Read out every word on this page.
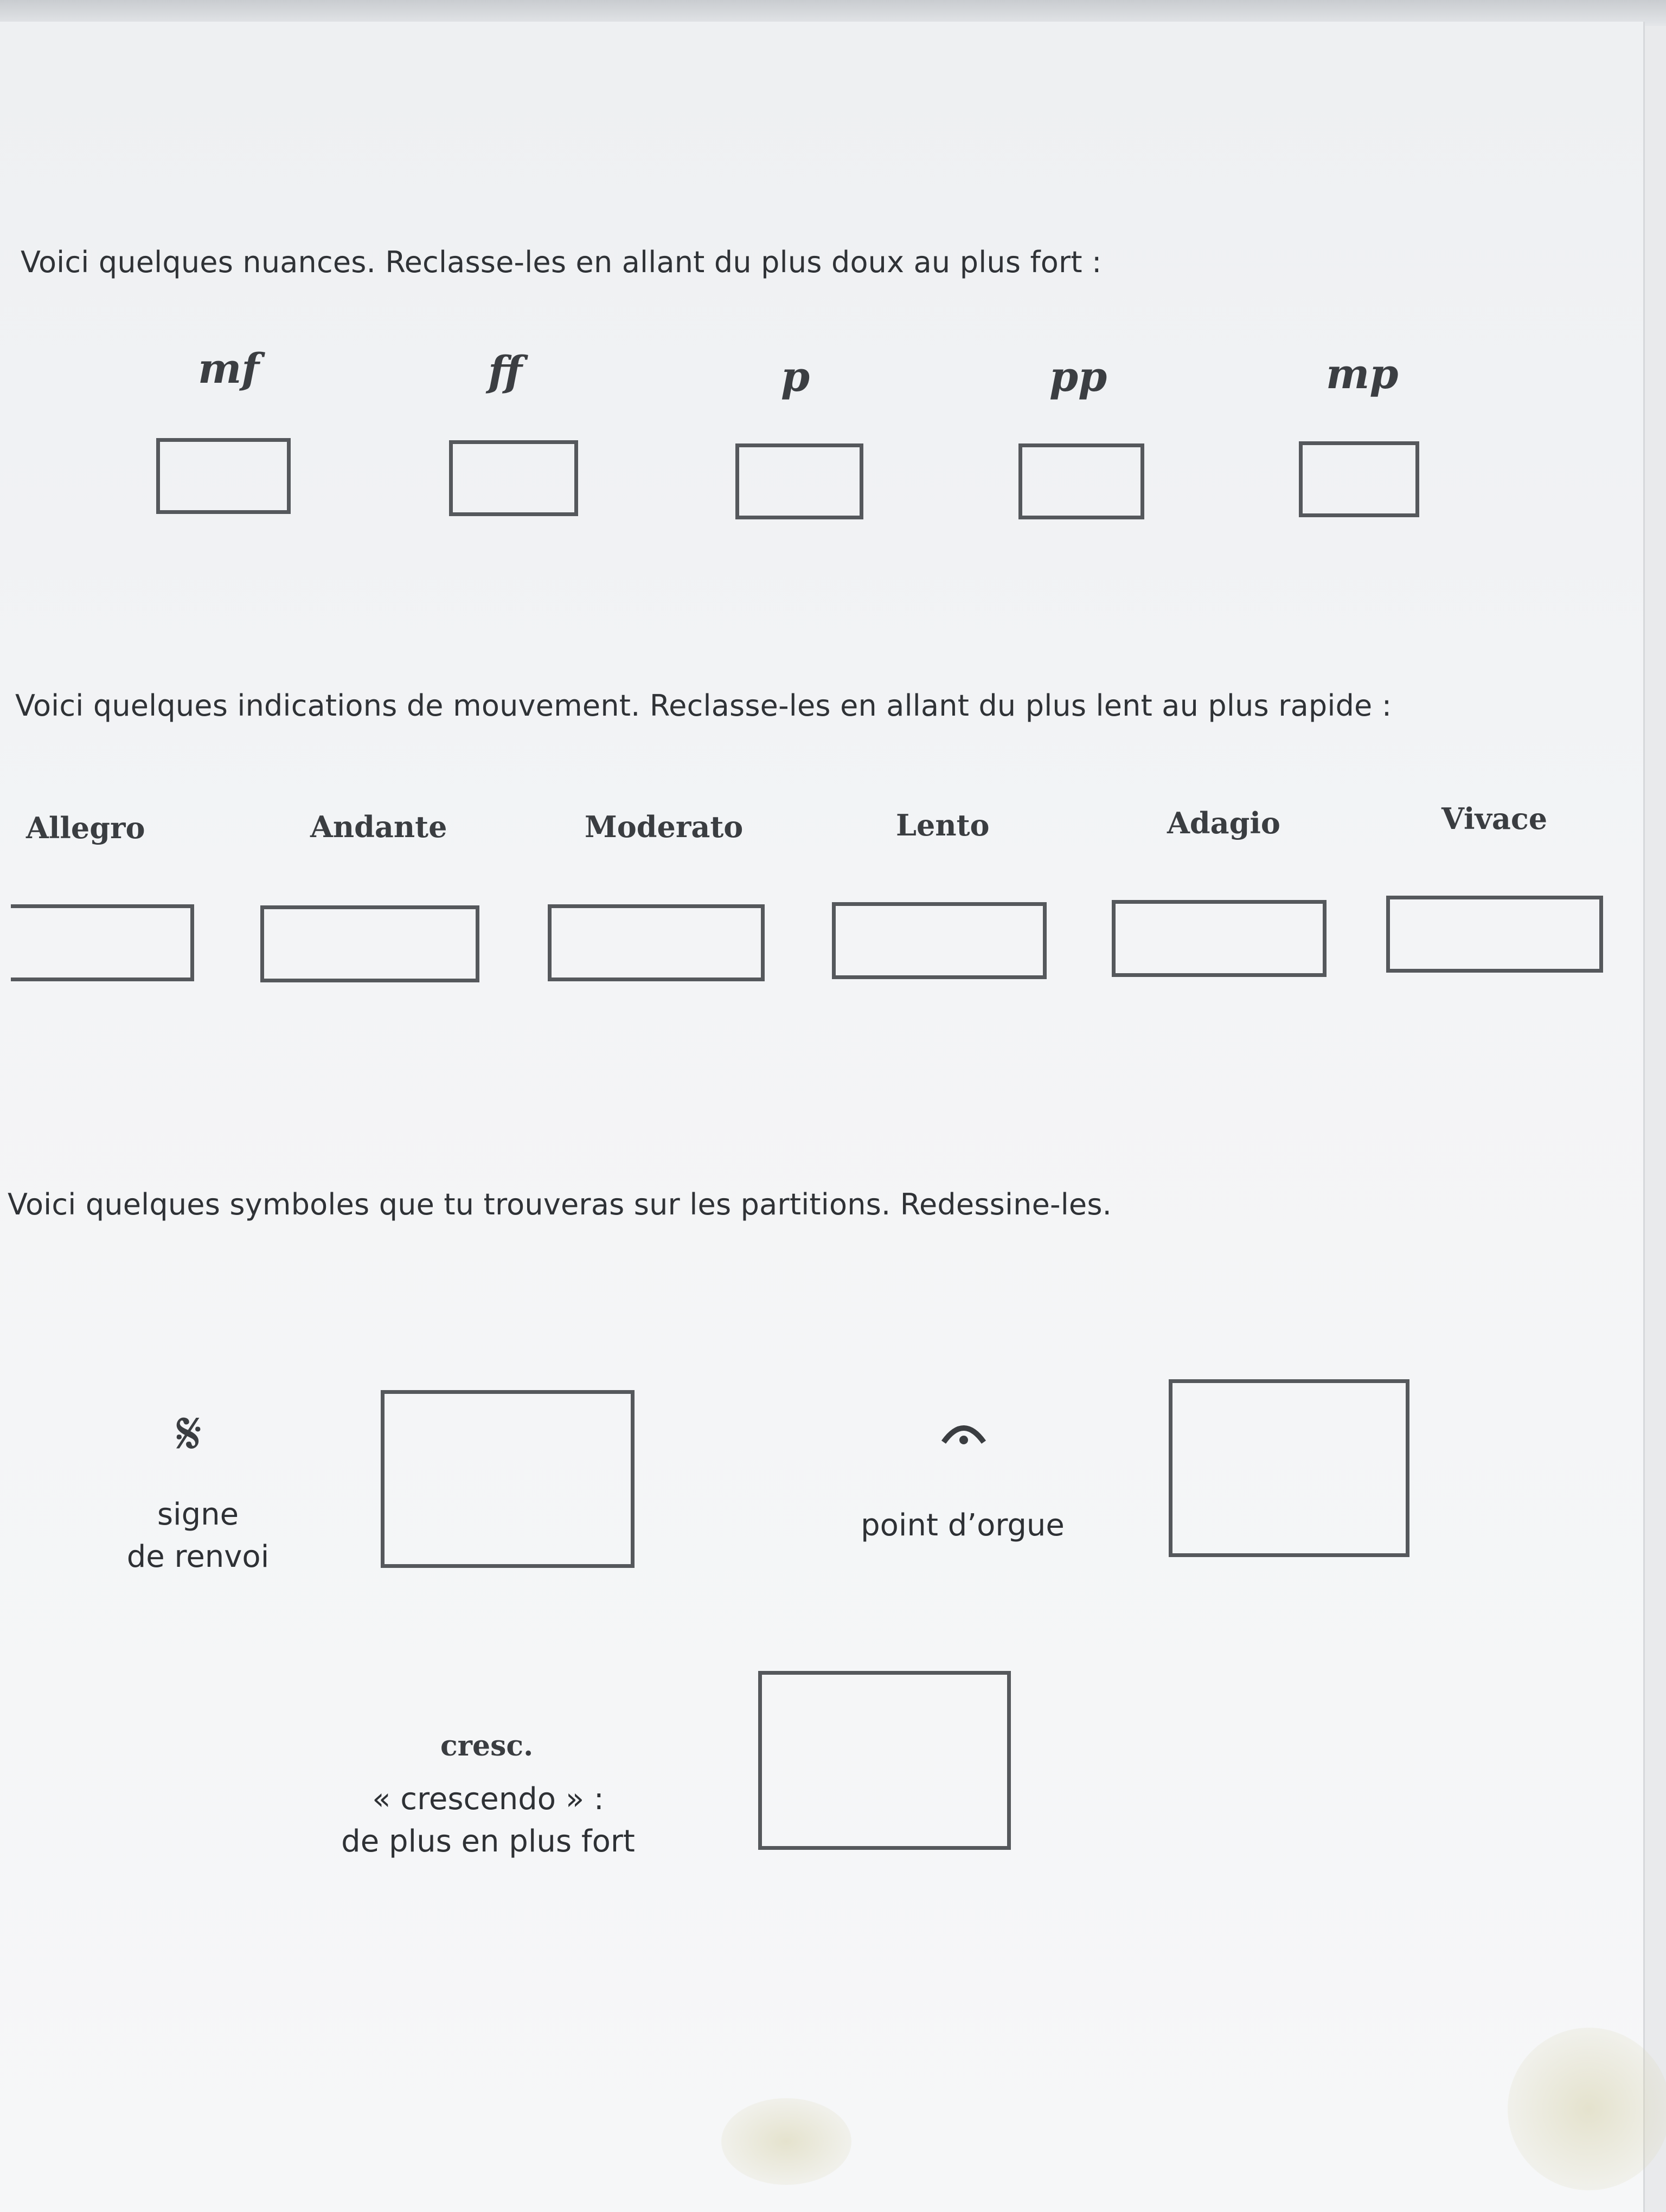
Voici quelques nuances. Reclasse-les en allant du plus doux au plus fort :
mf	ff	p	pp	mp
Voici quelques indications de mouvement. Reclasse-les en allant du plus lent au plus rapide :
Allegro	Andante	Moderato	Lento	Adagio	Vivace
Voici quelques symboles que tu trouveras sur les partitions. Redessine-les.
𝄋
signe
de renvoi
point d’orgue
cresc.
« crescendo » :
de plus en plus fort
